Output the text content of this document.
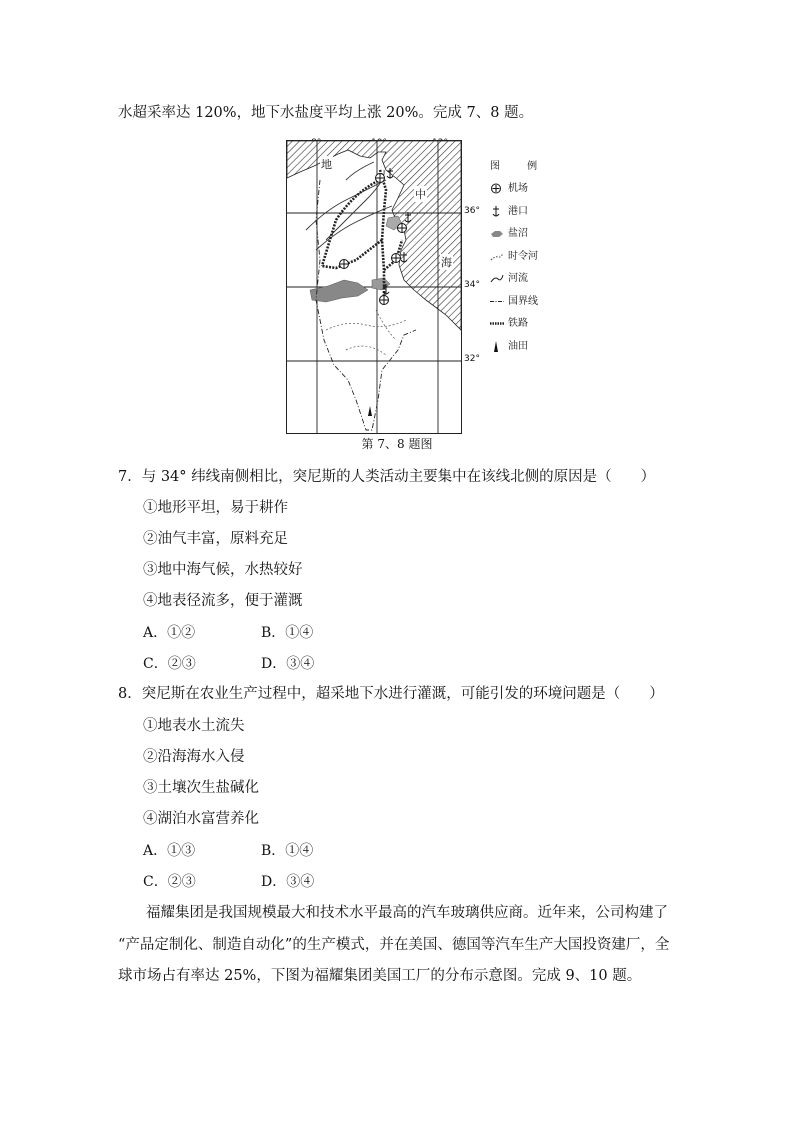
水超采率达 120%，地下水盐度平均上涨 20%。完成 7、8 题。
36°
34°
32°
地
中
海
图 例
机场
港口
盐沼
时令河
河流
国界线
铁路
油田
第 7、8 题图
7．与 34° 纬线南侧相比，突尼斯的人类活动主要集中在该线北侧的原因是（　　）
①地形平坦，易于耕作
②油气丰富，原料充足
③地中海气候，水热较好
④地表径流多，便于灌溉
A．①②	B．①④
C．②③	D．③④
8．突尼斯在农业生产过程中，超采地下水进行灌溉，可能引发的环境问题是（　　）
①地表水土流失
②沿海海水入侵
③土壤次生盐碱化
④湖泊水富营养化
A．①③	B．①④
C．②③	D．③④
福耀集团是我国规模最大和技术水平最高的汽车玻璃供应商。近年来，公司构建了
“产品定制化、制造自动化”的生产模式，并在美国、德国等汽车生产大国投资建厂，全
球市场占有率达 25%，下图为福耀集团美国工厂的分布示意图。完成 9、10 题。
